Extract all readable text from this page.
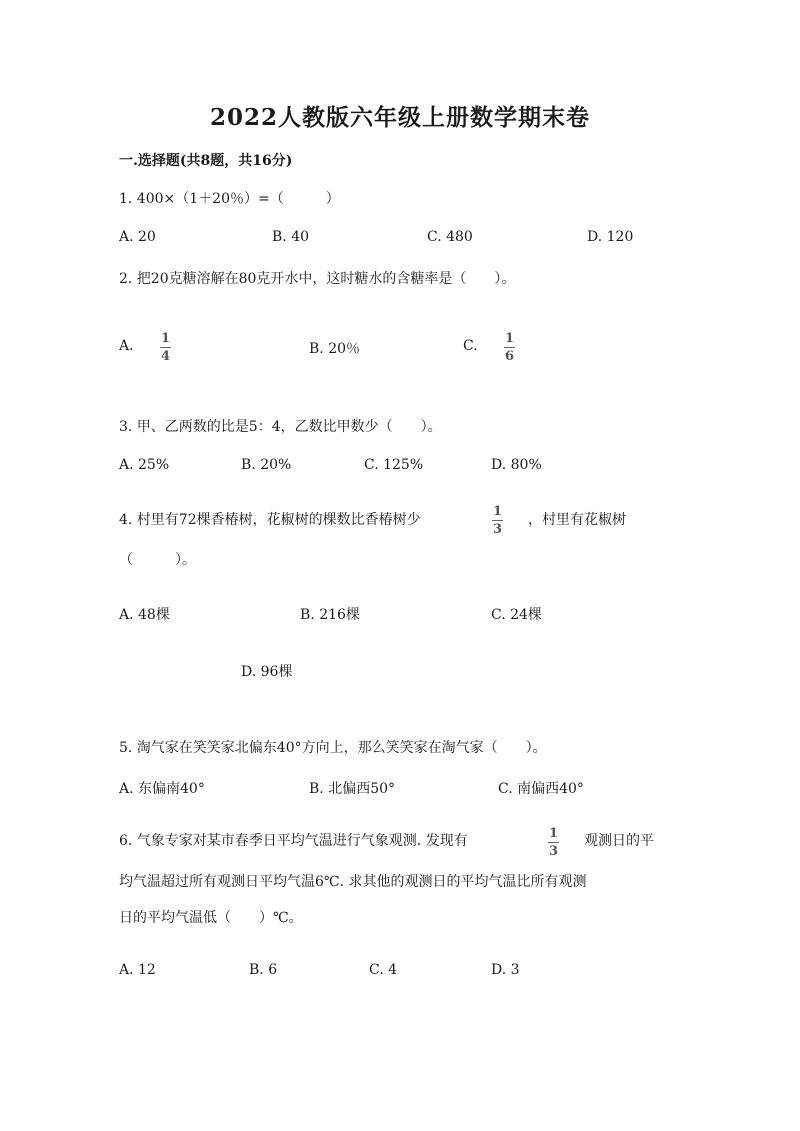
2022人教版六年级上册数学期末卷
一.选择题(共8题，共16分)
1. 400×（1＋20％）=（　　　）
A. 20	B. 40	C. 480	D. 120
2. 把20克糖溶解在80克开水中，这时糖水的含糖率是（　　）。
A. 1
4	B. 20％	C. 1
6
3. 甲、乙两数的比是5：4，乙数比甲数少（　　）。
A. 25%	B. 20%	C. 125%	D. 80%
4. 村里有72棵香椿树，花椒树的棵数比香椿树少
1
3
，村里有花椒树
（　　　）。
A. 48棵	B. 216棵	C. 24棵
D. 96棵
5. 淘气家在笑笑家北偏东40°方向上，那么笑笑家在淘气家（　　）。
A. 东偏南40°	B. 北偏西50°	C. 南偏西40°
6. 气象专家对某市春季日平均气温进行气象观测. 发现有	1
3
观测日的平
均气温超过所有观测日平均气温6℃. 求其他的观测日的平均气温比所有观测
日的平均气温低（　　）℃。
A. 12	B. 6	C. 4	D. 3
